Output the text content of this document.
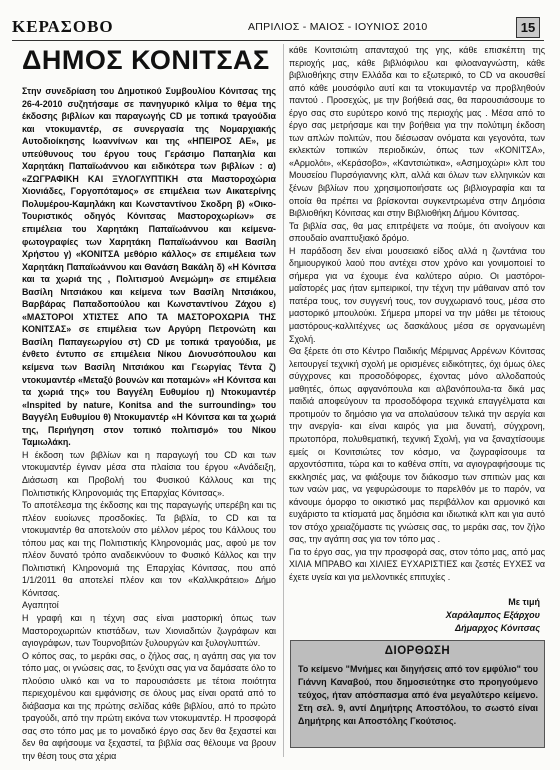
ΚΕΡΑΣΟΒΟ	ΑΠΡΙΛΙΟΣ - ΜΑΙΟΣ - ΙΟΥΝΙΟΣ 2010	15
ΔΗΜΟΣ ΚΟΝΙΤΣΑΣ

Στην συνεδρίαση του Δημοτικού Συμβουλίου Κόνιτσας της 26-4-2010 συζητήσαμε σε πανηγυρικό κλίμα το θέμα της έκδοσης βιβλίων και παραγωγής CD με τοπικά τραγούδια και ντοκυμαντέρ, σε συνεργασία της Νομαρχιακής Αυτοδιοίκησης Ιωαννίνων και της «ΗΠΕΙΡΟΣ ΑΕ», με υπεύθυνους του έργου τους Γεράσιμο Παπαηλία και Χαρητάκη Παπαϊωάννου και ειδικότερα των βιβλίων : α) «ΖΩΓΡΑΦΙΚΗ ΚΑΙ ΞΥΛΟΓΛΥΠΤΙΚΗ στα Μαστοροχώρια Χιονιάδες, Γοργοπόταμος» σε επιμέλεια των Αικατερίνης Πολυμέρου-Καμηλάκη και Κωνσταντίνου Σκοδρη β) «Οικο-Τουριστικός οδηγός Κόνιτσας Μαστοροχωρίων» σε επιμέλεια του Χαρητάκη Παπαϊωάννου και κείμενα-φωτογραφίες των Χαρητάκη Παπαϊωάννου και Βασίλη Χρήστου γ) «ΚΟΝΙΤΣΑ μεθόριο κάλλος» σε επιμέλεια των Χαρητάκη Παπαϊωάννου και Θανάση Βακάλη δ) «Η Κόνιτσα και τα χωριά της , Πολιτισμού Ανεμώμη» σε επιμέλεια Βασίλη Νιτσιάκου και κείμενα των Βασίλη Νιτσιάκου, Βαρβάρας Παπαδοπούλου και Κωνσταντίνου Ζάχου ε) «ΜΑΣΤΟΡΟΙ ΧΤΙΣΤΕΣ ΑΠΟ ΤΑ ΜΑΣΤΟΡΟΧΩΡΙΑ ΤΗΣ ΚΟΝΙΤΣΑΣ» σε επιμέλεια των Αργύρη Πετρονώτη και Βασίλη Παπαγεωργίου στ) CD με τοπικά τραγούδια, με ένθετο έντυπο σε επιμέλεια Νίκου Διονυσόπουλου και κείμενα των Βασίλη Νιτσιάκου και Γεωργίας Τέντα ζ) ντοκυμαντέρ «Μεταξύ βουνών και ποταμών» «Η Κόνιτσα και τα χωριά της» του Βαγγέλη Ευθυμίου η) Ντοκυμαντέρ «Inspited by nature, Konitsa and the surrounding» του Βαγγέλη Ευθυμίου θ) Ντοκυμαντέρ «Η Κόνιτσα και τα χωριά της, Περιήγηση στον τοπικό πολιτισμό» του Νίκου Ταμιωλάκη.

Η έκδοση των βιβλίων και η παραγωγή του CD και των ντοκυμαντέρ έγιναν μέσα στα πλαίσια του έργου «Ανάδειξη, Διάσωση και Προβολή του Φυσικού Κάλλους και της Πολιτιστικής Κληρονομιάς της Επαρχίας Κόνιτσας».

Το αποτέλεσμα της έκδοσης και της παραγωγής υπερέβη και τις πλέον ευοίωνες προσδοκίες. Τα βιβλία, το CD και τα ντοκυμαντέρ θα αποτελούν στο μέλλον μέρος του Κάλλους του τόπου μας και της Πολιτιστικής Κληρονομιάς μας, αφού με τον πλέον δυνατό τρόπο αναδεικνύουν το Φυσικό Κάλλος και την Πολιτιστική Κληρονομιά της Επαρχίας Κόνιτσας, που από 1/1/2011 θα αποτελεί πλέον και τον «Καλλικράτειο» Δήμο Κόνιτσας.

Αγαπητοί

Η γραφή και η τέχνη σας είναι μαστορική όπως των Μαστοροχωριτών κτιστάδων, των Χιονιαδιτών ζωγράφων και αγιογράφων, των Τουρνοβιτών ξυλουργών και ξυλογλυπτών.

Ο κόπος σας, το μεράκι σας, ο ζήλος σας, η αγάπη σας για τον τόπο μας, οι γνώσεις σας, το ξενύχτι σας για να δαμάσατε όλο το πλούσιο υλικό και να το παρουσιάσετε με τέτοια ποιότητα περιεχομένου και εμφάνισης σε όλους μας είναι ορατά από το διάβασμα και της πρώτης σελίδας κάθε βιβλίου, από το πρώτο τραγούδι, από την πρώτη εικόνα των ντοκυμαντέρ. Η προσφορά σας στο τόπο μας με το μοναδικό έργο σας δεν θα ξεχαστεί και δεν θα αφήσουμε να ξεχαστεί, τα βιβλία σας θέλουμε να βρουν την θέση τους στα χέρια

κάθε Κονιτσιώτη απανταχού της γης, κάθε επισκέπτη της περιοχής μας, κάθε βιβλιόφιλου και φιλοαναγνώστη, κάθε βιβλιοθήκης στην Ελλάδα και το εξωτερικό, το CD να ακουσθεί από κάθε μουσόφιλο αυτί και τα ντοκυμαντέρ να προβληθούν παντού . Προσεχώς, με την βοήθειά σας, θα παρουσιάσουμε το έργο σας στο ευρύτερο κοινό της περιοχής μας . Μέσα από το έργο σας μετρήσαμε και την βοήθεια για την πολύτιμη έκδοση των απλών πολιτών, που διέσωσαν ονόματα και γεγονότα, των εκλεκτών τοπικών περιοδικών, όπως των «ΚΟΝΙΤΣΑ», «Αρμολόι», «Κεράσοβο», «Καντσιώτικα», «Ασημοχώρι» κλπ του Μουσείου Πυρσόγιαννης κλπ, αλλά και όλων των ελληνικών και ξένων βιβλίων που χρησιμοποιήσατε ως βιβλιογραφία και τα οποία θα πρέπει να βρίσκονται συγκεντρωμένα στην Δημόσια Βιβλιοθήκη Κόνιτσας και στην Βιβλιοθήκη Δήμου Κόνιτσας.

Τα βιβλία σας, θα μας επιτρέψετε να πούμε, ότι ανοίγουν και σπουδαίο αναπτυξιακό δρόμο.

Η παράδοση δεν είναι μουσειακό είδος αλλά η ζωντάνια του δημιουργικού λαού που αντέχει στον χρόνο και γονιμοποιεί το σήμερα για να έχουμε ένα καλύτερο αύριο. Οι μαστόροι-μαΐστορές μας ήταν εμπειρικοί, την τέχνη την μάθαιναν από τον πατέρα τους, τον συγγενή τους, τον συγχωριανό τους, μέσα στο μαστορικό μπουλούκι. Σήμερα μπορεί να την μάθει με τέτοιους μαστόρους-καλλιτέχνες ως δασκάλους μέσα σε οργανωμένη Σχολή.

Θα ξέρετε ότι στο Κέντρο Παιδικής Μέριμνας Αρρένων Κόνιτσας λειτουργεί τεχνική σχολή με ορισμένες ειδικότητες, όχι όμως όλες σύγχρονες και προσοδόφορες, έχοντας μόνο αλλοδαπούς μαθητές, όπως αφγανόπουλα και αλβανόπουλα-τα δικά μας παιδιά αποφεύγουν τα προσοδόφορα τεχνικά επαγγέλματα και προτιμούν το δημόσιο για να απολαύσουν τελικά την αεργία και την ανεργία- και είναι καιρός για μια δυνατή, σύγχρονη, πρωτοπόρα, πολυθεματική, τεχνική Σχολή, για να ξαναχτίσουμε εμείς οι Κονιτσιώτες τον κόσμο, να ζωγραφίσουμε τα αρχοντόσπιτα, τώρα και το καθένα σπίτι, να αγιογραφήσουμε τις εκκλησιές μας, να φιάξουμε τον διάκοσμο των σπιτιών μας και των ναών μας, να γεφυρώσουμε το παρελθόν με το παρόν, να κάνουμε όμορφο το οικιστικό μας περιβάλλον και αρμονικό και ευχάριστο τα κτίσματά μας δημόσια και ιδιωτικά κλπ και για αυτό τον στόχο χρειαζόμαστε τις γνώσεις σας, το μεράκι σας, τον ζήλο σας, την αγάπη σας για τον τόπο μας .

Για το έργο σας, για την προσφορά σας, στον τόπο μας, από μας ΧΙΛΙΑ ΜΠΡΑΒΟ και ΧΙΛΙΕΣ ΕΥΧΑΡΙΣΤΙΕΣ και ζεστές ΕΥΧΕΣ να έχετε υγεία και για μελλοντικές επιτυχίες .

Με τιμή
Χαράλαμπος Εξάρχου
Δήμαρχος Κόνιτσας
ΔΙΟΡΘΩΣΗ
Το κείμενο "Μνήμες και διηγήσεις από τον εμφύλιο" του Γιάννη Καναβού, που δημοσιεύτηκε στο προηγούμενο τεύχος, ήταν απόσπασμα από ένα μεγαλύτερο κείμενο. Στη σελ. 9, αντί Δημήτρης Αποστόλου, το σωστό είναι Δημήτρης και Αποστόλης Γκούτσιος.
